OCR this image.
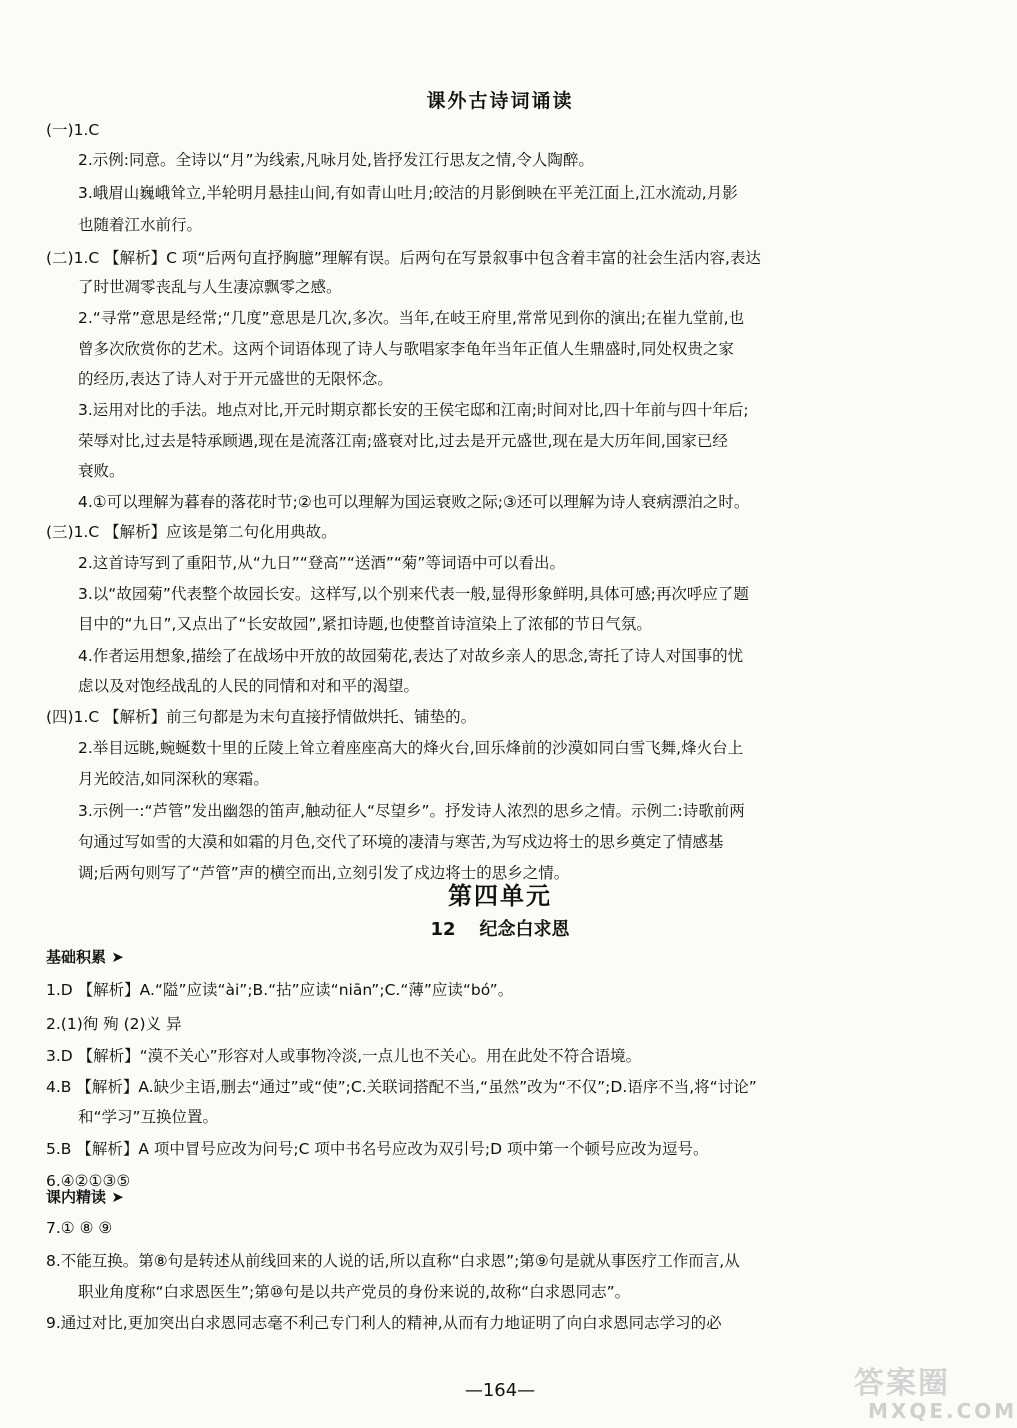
课外古诗词诵读
(一)1.C
2.示例:同意。全诗以“月”为线索,凡咏月处,皆抒发江行思友之情,令人陶醉。
3.峨眉山巍峨耸立,半轮明月悬挂山间,有如青山吐月;皎洁的月影倒映在平羌江面上,江水流动,月影
也随着江水前行。
(二)1.C 【解析】C 项“后两句直抒胸臆”理解有误。后两句在写景叙事中包含着丰富的社会生活内容,表达
了时世凋零丧乱与人生凄凉飘零之感。
2.“寻常”意思是经常;“几度”意思是几次,多次。当年,在岐王府里,常常见到你的演出;在崔九堂前,也
曾多次欣赏你的艺术。这两个词语体现了诗人与歌唱家李龟年当年正值人生鼎盛时,同处权贵之家
的经历,表达了诗人对于开元盛世的无限怀念。
3.运用对比的手法。地点对比,开元时期京都长安的王侯宅邸和江南;时间对比,四十年前与四十年后;
荣辱对比,过去是特承顾遇,现在是流落江南;盛衰对比,过去是开元盛世,现在是大历年间,国家已经
衰败。
4.①可以理解为暮春的落花时节;②也可以理解为国运衰败之际;③还可以理解为诗人衰病漂泊之时。
(三)1.C 【解析】应该是第二句化用典故。
2.这首诗写到了重阳节,从“九日”“登高”“送酒”“菊”等词语中可以看出。
3.以“故园菊”代表整个故园长安。这样写,以个别来代表一般,显得形象鲜明,具体可感;再次呼应了题
目中的“九日”,又点出了“长安故园”,紧扣诗题,也使整首诗渲染上了浓郁的节日气氛。
4.作者运用想象,描绘了在战场中开放的故园菊花,表达了对故乡亲人的思念,寄托了诗人对国事的忧
虑以及对饱经战乱的人民的同情和对和平的渴望。
(四)1.C 【解析】前三句都是为末句直接抒情做烘托、铺垫的。
2.举目远眺,蜿蜒数十里的丘陵上耸立着座座高大的烽火台,回乐烽前的沙漠如同白雪飞舞,烽火台上
月光皎洁,如同深秋的寒霜。
3.示例一:“芦管”发出幽怨的笛声,触动征人“尽望乡”。抒发诗人浓烈的思乡之情。示例二:诗歌前两
句通过写如雪的大漠和如霜的月色,交代了环境的凄清与寒苦,为写戍边将士的思乡奠定了情感基
调;后两句则写了“芦管”声的横空而出,立刻引发了戍边将士的思乡之情。
第四单元
12 纪念白求恩
基础积累 ➤
1.D 【解析】A.“隘”应读“ài”;B.“拈”应读“niān”;C.“薄”应读“bó”。
2.(1)徇 殉 (2)义 异
3.D 【解析】“漠不关心”形容对人或事物冷淡,一点儿也不关心。用在此处不符合语境。
4.B 【解析】A.缺少主语,删去“通过”或“使”;C.关联词搭配不当,“虽然”改为“不仅”;D.语序不当,将“讨论”
和“学习”互换位置。
5.B 【解析】A 项中冒号应改为问号;C 项中书名号应改为双引号;D 项中第一个顿号应改为逗号。
6.④②①③⑤
课内精读 ➤
7.① ⑧ ⑨
8.不能互换。第⑧句是转述从前线回来的人说的话,所以直称“白求恩”;第⑨句是就从事医疗工作而言,从
职业角度称“白求恩医生”;第⑩句是以共产党员的身份来说的,故称“白求恩同志”。
9.通过对比,更加突出白求恩同志毫不利己专门利人的精神,从而有力地证明了向白求恩同志学习的必
—164—	答案圈
MXQE.COM
